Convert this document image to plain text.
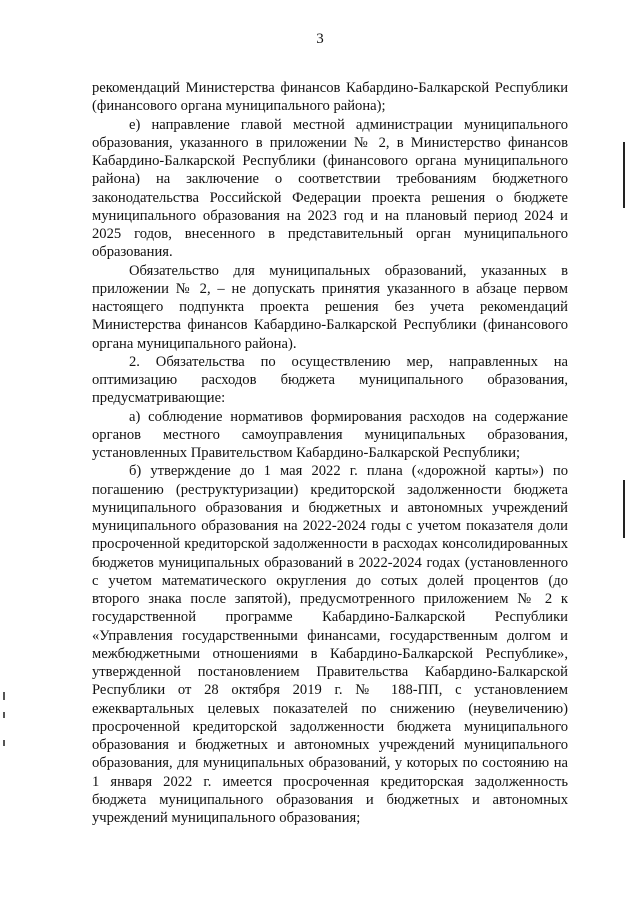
3

рекомендаций Министерства финансов Кабардино-Балкарской Республики (финансового органа муниципального района);

е) направление главой местной администрации муниципального образования, указанного в приложении № 2, в Министерство финансов Кабардино-Балкарской Республики (финансового органа муниципального района) на заключение о соответствии требованиям бюджетного законодательства Российской Федерации проекта решения о бюджете муниципального образования на 2023 год и на плановый период 2024 и 2025 годов, внесенного в представительный орган муниципального образования.

Обязательство для муниципальных образований, указанных в приложении № 2, – не допускать принятия указанного в абзаце первом настоящего подпункта проекта решения без учета рекомендаций Министерства финансов Кабардино-Балкарской Республики (финансового органа муниципального района).

2. Обязательства по осуществлению мер, направленных на оптимизацию расходов бюджета муниципального образования, предусматривающие:

а) соблюдение нормативов формирования расходов на содержание органов местного самоуправления муниципальных образования, установленных Правительством Кабардино-Балкарской Республики;

б) утверждение до 1 мая 2022 г. плана («дорожной карты») по погашению (реструктуризации) кредиторской задолженности бюджета муниципального образования и бюджетных и автономных учреждений муниципального образования на 2022-2024 годы с учетом показателя доли просроченной кредиторской задолженности в расходах консолидированных бюджетов муниципальных образований в 2022-2024 годах (установленного с учетом математического округления до сотых долей процентов (до второго знака после запятой), предусмотренного приложением № 2 к государственной программе Кабардино-Балкарской Республики «Управления государственными финансами, государственным долгом и межбюджетными отношениями в Кабардино-Балкарской Республике», утвержденной постановлением Правительства Кабардино-Балкарской Республики от 28 октября 2019 г. № 188-ПП, с установлением ежеквартальных целевых показателей по снижению (неувеличению) просроченной кредиторской задолженности бюджета муниципального образования и бюджетных и автономных учреждений муниципального образования, для муниципальных образований, у которых по состоянию на 1 января 2022 г. имеется просроченная кредиторская задолженность бюджета муниципального образования и бюджетных и автономных учреждений муниципального образования;
